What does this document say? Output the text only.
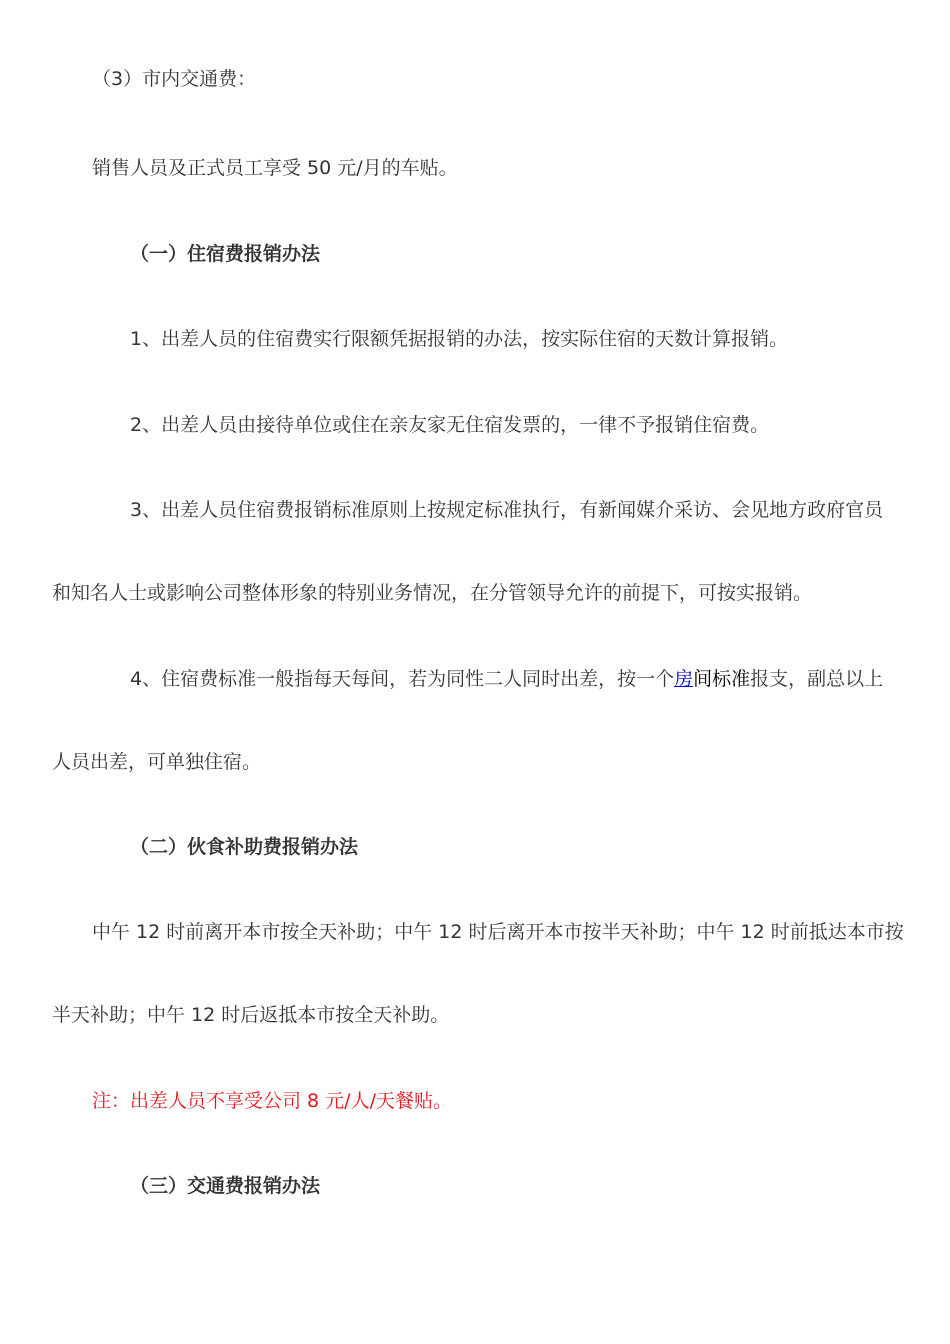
（3）市内交通费：
销售人员及正式员工享受 50 元/月的车贴。
（一）住宿费报销办法
1、出差人员的住宿费实行限额凭据报销的办法，按实际住宿的天数计算报销。
2、出差人员由接待单位或住在亲友家无住宿发票的，一律不予报销住宿费。
3、出差人员住宿费报销标准原则上按规定标准执行，有新闻媒介采访、会见地方政府官员
和知名人士或影响公司整体形象的特别业务情况，在分管领导允许的前提下，可按实报销。
4、住宿费标准一般指每天每间，若为同性二人同时出差，按一个房间标准报支，副总以上
人员出差，可单独住宿。
（二）伙食补助费报销办法
中午 12 时前离开本市按全天补助；中午 12 时后离开本市按半天补助；中午 12 时前抵达本市按
半天补助；中午 12 时后返抵本市按全天补助。
注：出差人员不享受公司 8 元/人/天餐贴。
（三）交通费报销办法
